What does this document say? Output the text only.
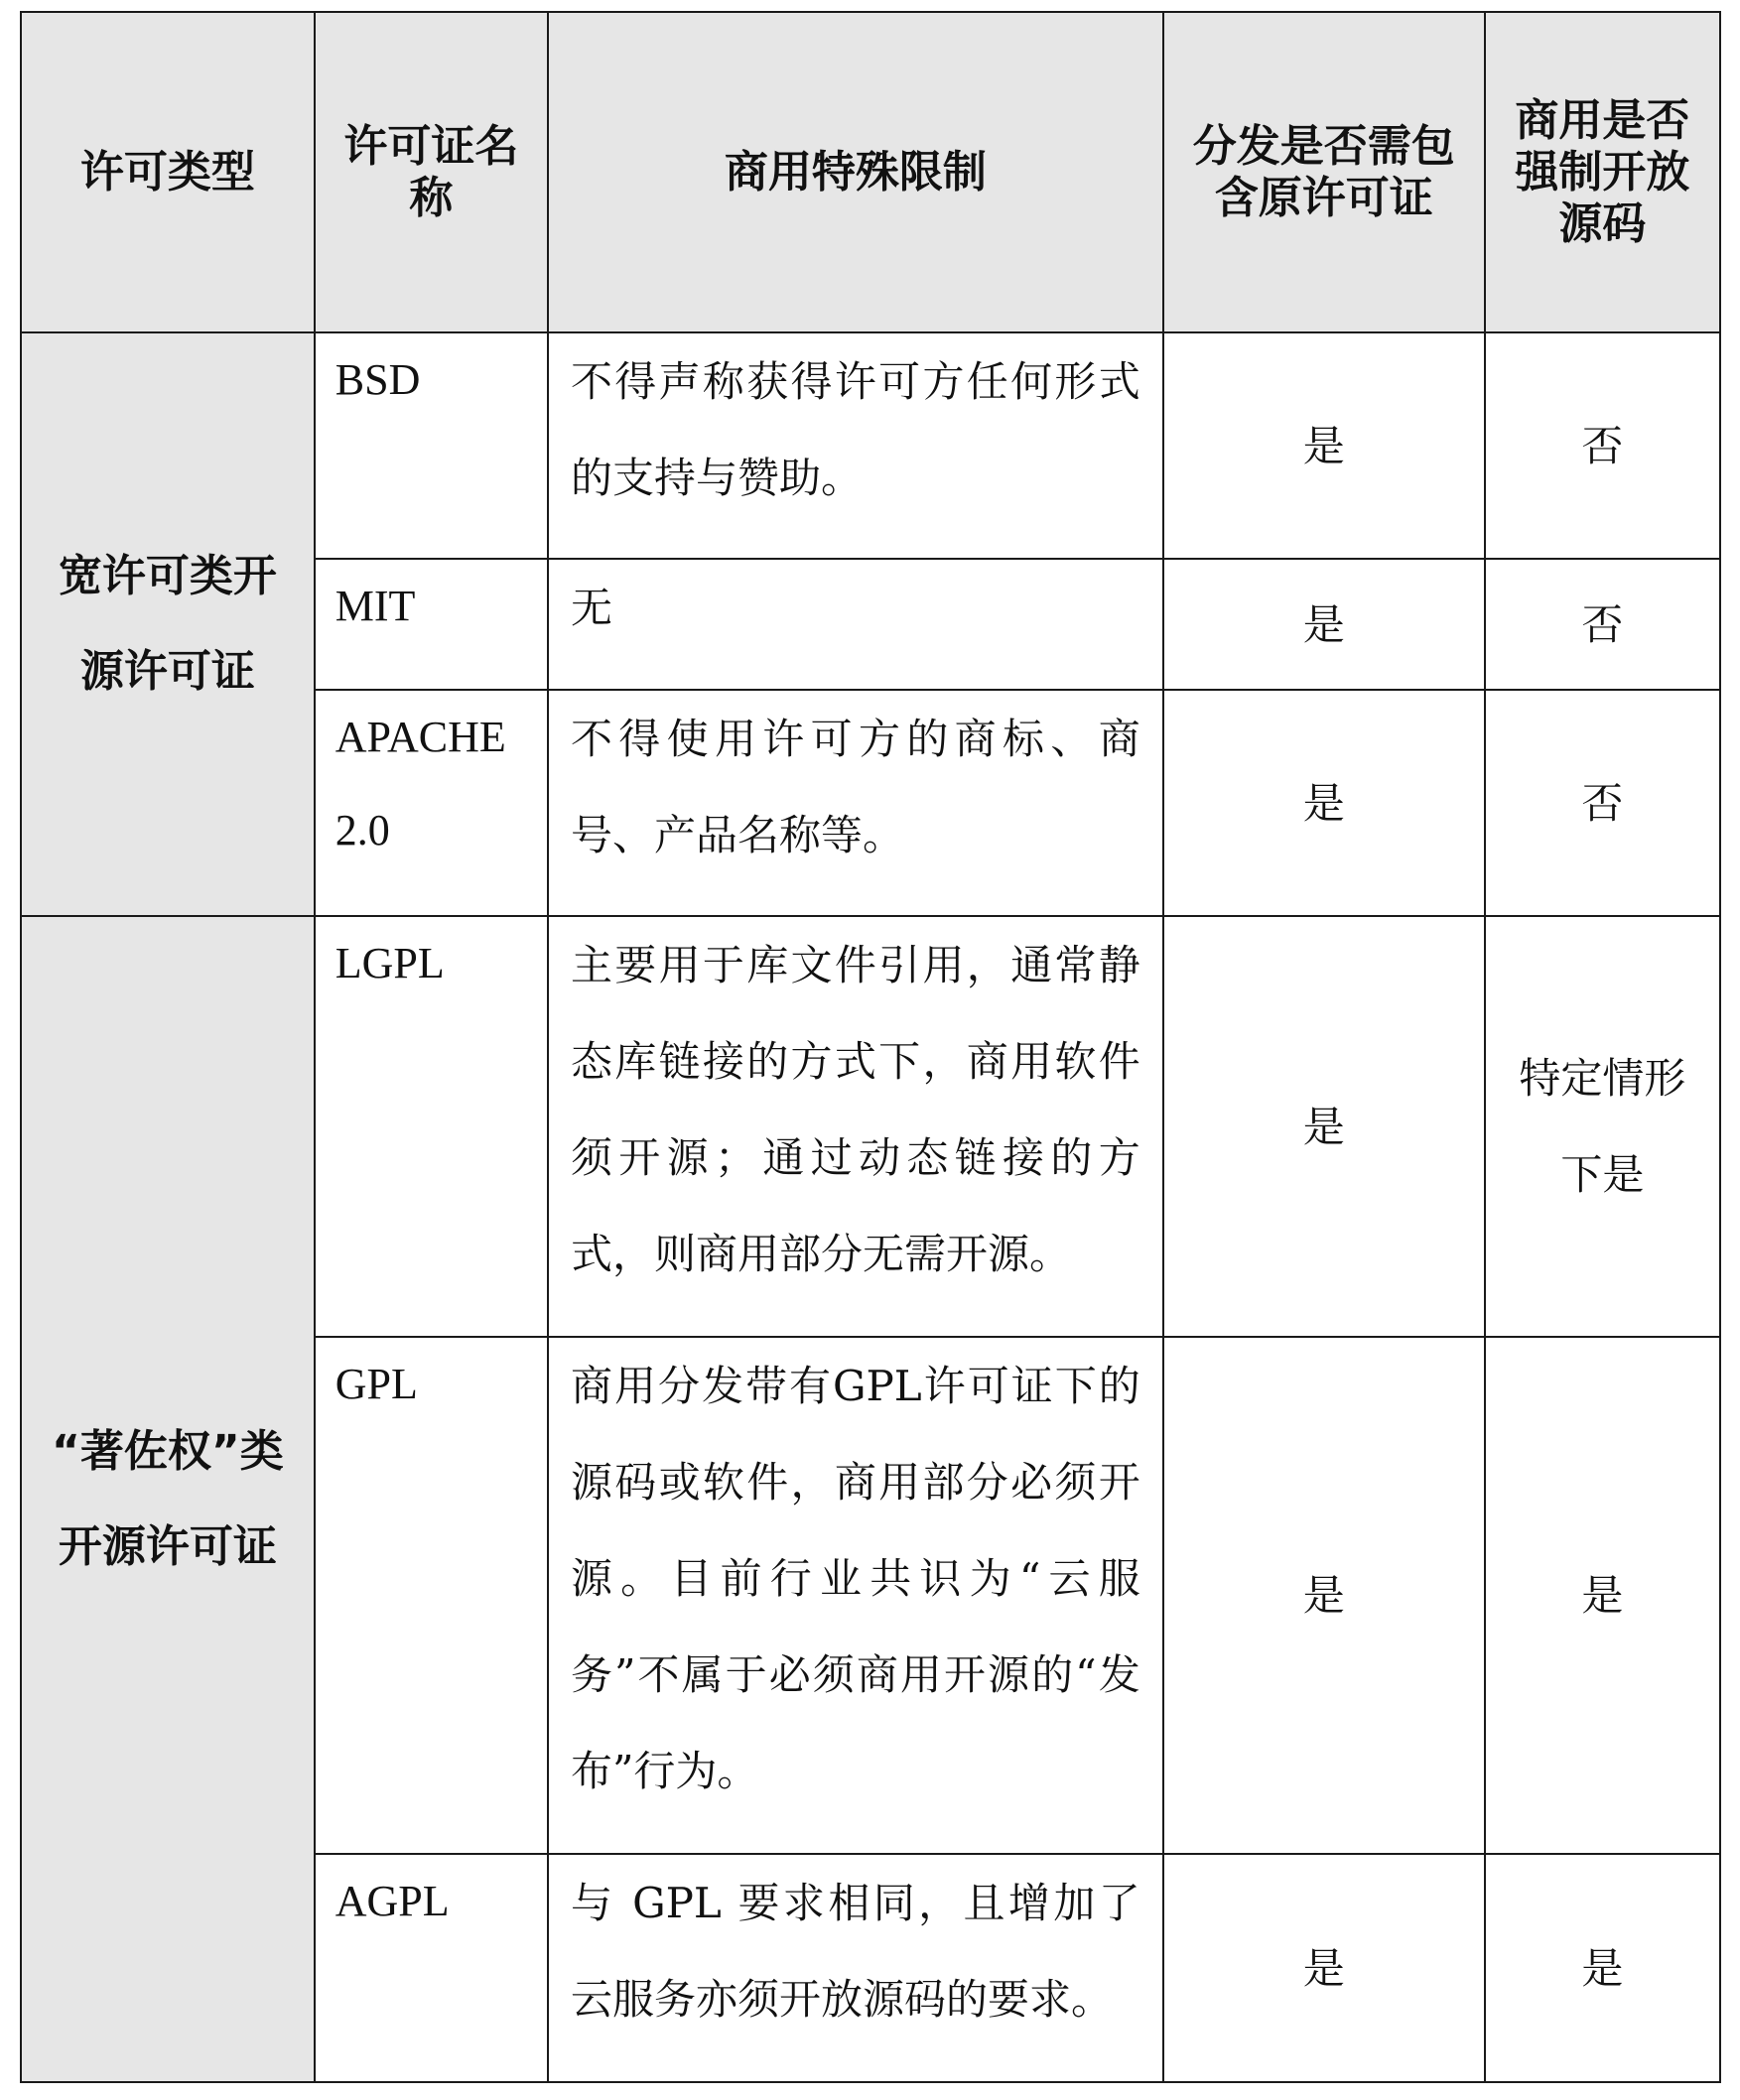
许可类型	许可证名称	商用特殊限制	分发是否需包含原许可证	商用是否强制开放源码
宽许可类开源许可证	BSD	不得声称获得许可方任何形式的支持与赞助。	是	否
	MIT	无	是	否
	APACHE 2.0	不得使用许可方的商标、商号、产品名称等。	是	否
“著佐权”类开源许可证	LGPL	主要用于库文件引用，通常静态库链接的方式下，商用软件须开源；通过动态链接的方式，则商用部分无需开源。	是	特定情形下是
	GPL	商用分发带有GPL许可证下的源码或软件，商用部分必须开源。目前行业共识为“云服务”不属于必须商用开源的“发布”行为。	是	是
	AGPL	与 GPL 要求相同，且增加了云服务亦须开放源码的要求。	是	是
